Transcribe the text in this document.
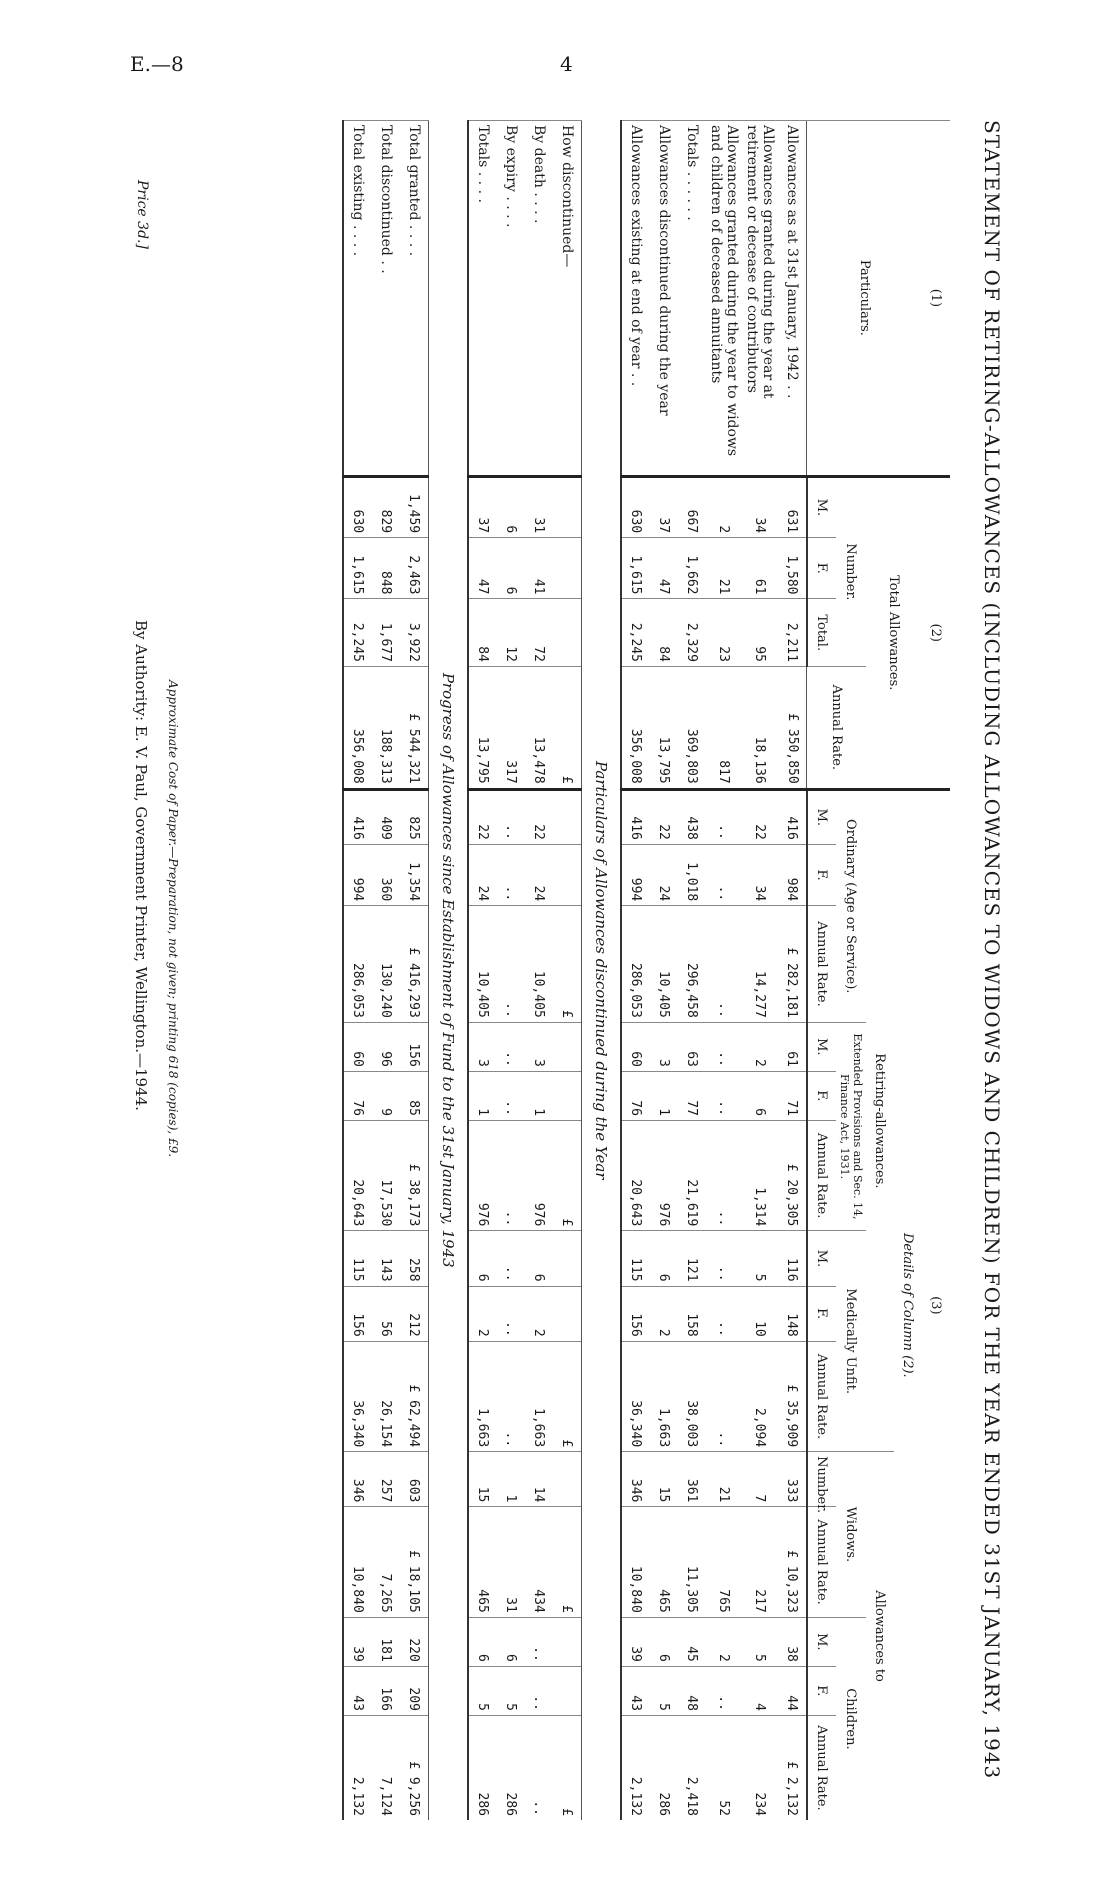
E.—8	4
STATEMENT OF RETIRING-ALLOWANCES (INCLUDING ALLOWANCES TO WIDOWS AND CHILDREN) FOR THE YEAR ENDED 31ST JANUARY, 1943
(1)	(2)				(3)													
Particulars.	Total Allowances.				Details of Column (2).													
					Retiring-allowances.									Allowances to				
	Number.			Annual Rate.	Ordinary (Age or Service).			Extended Provisions and Sec. 14, Finance Act, 1931.			Medically Unfit.			Widows.		Children.		
	M.	F.	Total.		M.	F.	Annual Rate.	M.	F.	Annual Rate.	M.	F.	Annual Rate.	Number.	Annual Rate.	M.	F.	Annual Rate.
Allowances as at 31st January, 1942 . .	631	1,580	2,211	£ 350,850	416	984	£ 282,181	61	71	£ 20,305	116	148	£ 35,909	333	£ 10,323	38	44	£ 2,132
Allowances granted during the year at retirement or decease of contributors	34	61	95	18,136	22	34	14,277	2	6	1,314	5	10	2,094	7	217	5	4	234
Allowances granted during the year to widows and children of deceased annuitants	2	21	23	817	..	..	..	..	..	..	..	..	..	21	765	2	..	52
Totals . . . . . .	667	1,662	2,329	369,803	438	1,018	296,458	63	77	21,619	121	158	38,003	361	11,305	45	48	2,418
Allowances discontinued during the year	37	47	84	13,795	22	24	10,405	3	1	976	6	2	1,663	15	465	6	5	286
Allowances existing at end of year . .	630	1,615	2,245	356,008	416	994	286,053	60	76	20,643	115	156	36,340	346	10,840	39	43	2,132
Particulars of Allowances discontinued during the Year																		
How discontinued—				£			£			£			£		£			£
By death . . . .	31	41	72	13,478	22	24	10,405	3	1	976	6	2	1,663	14	434	..	..	..
By expiry . . . .	6	6	12	317	..	..	..	..	..	..	..	..	..	1	31	6	5	286
Totals . . . .	37	47	84	13,795	22	24	10,405	3	1	976	6	2	1,663	15	465	6	5	286
Progress of Allowances since Establishment of Fund to the 31st January, 1943																		
Total granted . . . .	1,459	2,463	3,922	£ 544,321	825	1,354	£ 416,293	156	85	£ 38,173	258	212	£ 62,494	603	£ 18,105	220	209	£ 9,256
Total discontinued . .	829	848	1,677	188,313	409	360	130,240	96	9	17,530	143	56	26,154	257	7,265	181	166	7,124
Total existing . . . .	630	1,615	2,245	356,008	416	994	286,053	60	76	20,643	115	156	36,340	346	10,840	39	43	2,132
Approximate Cost of Paper.—Preparation, not given; printing 618 (copies), £9.
By Authority: E. V. Paul, Government Printer, Wellington.—1944.
Price 3d.]
